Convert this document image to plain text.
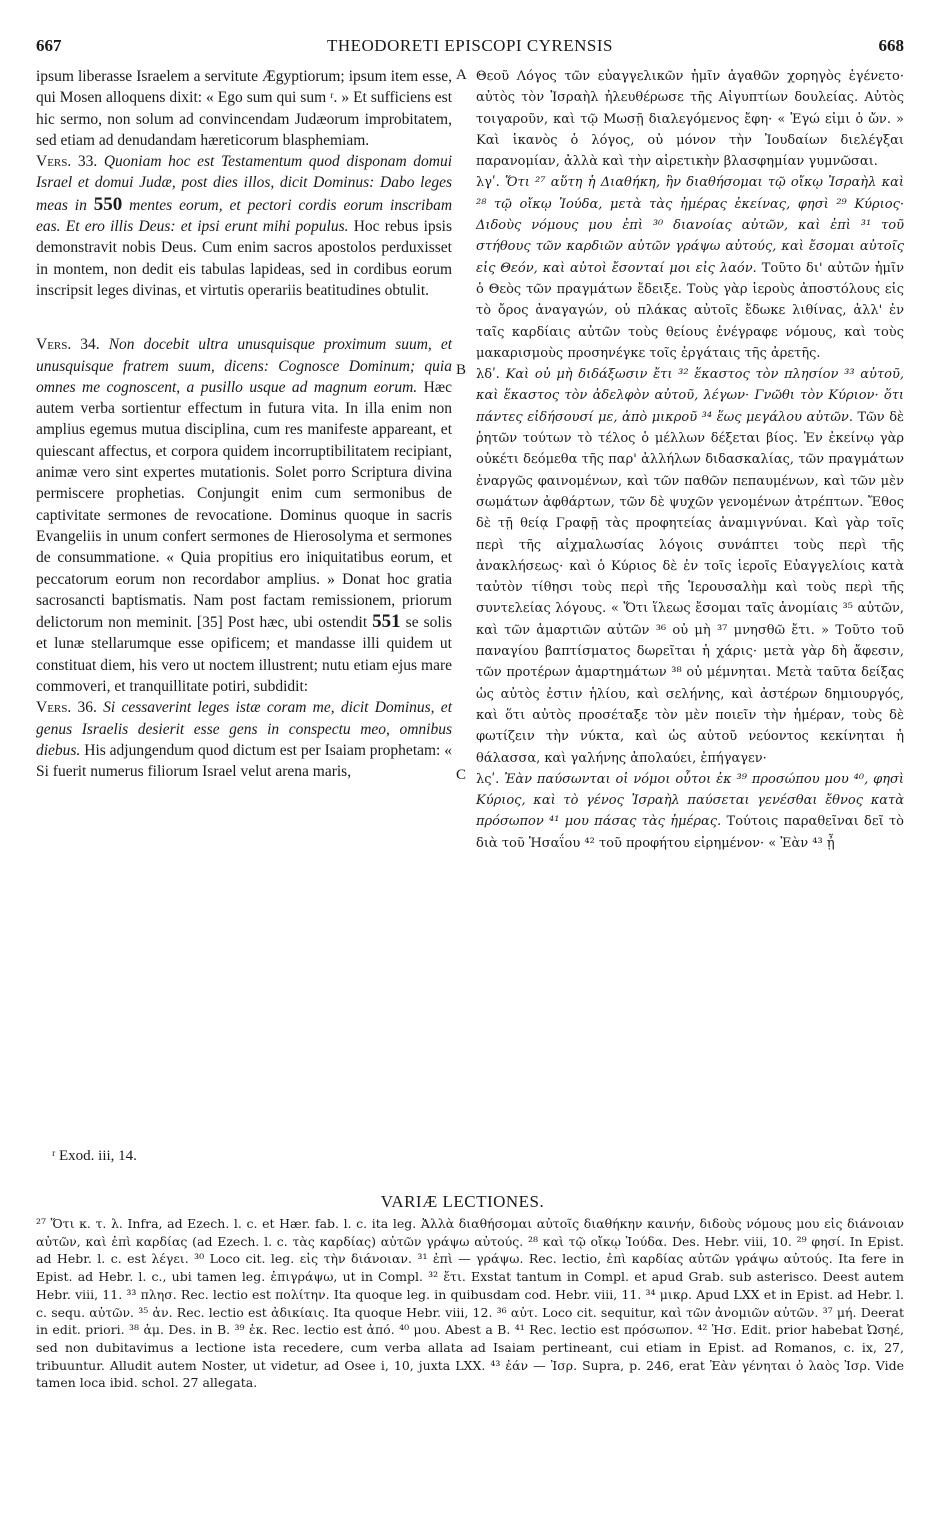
667	THEODORETI EPISCOPI CYRENSIS	668

ipsum liberasse Israelem a servitute Ægyptiorum; ipsum item esse, qui Mosen alloquens dixit: « Ego sum qui sum ʳ. » Et sufficiens est hic sermo, non solum ad convincendam Judæorum improbitatem, sed etiam ad denudandam hæreticorum blasphemiam.

Vers. 33. Quoniam hoc est Testamentum quod disponam domui Israel et domui Judæ, post dies illos, dicit Dominus: Dabo leges meas in 550 mentes eorum, et pectori cordis eorum inscribam eas. Et ero illis Deus: et ipsi erunt mihi populus. Hoc rebus ipsis demonstravit nobis Deus. Cum enim sacros apostolos perduxisset in montem, non dedit eis tabulas lapideas, sed in cordibus eorum inscripsit leges divinas, et virtutis operariis beatitudines obtulit.

Vers. 34. Non docebit ultra unusquisque proximum suum, et unusquisque fratrem suum, dicens: Cognosce Dominum; quia omnes me cognoscent, a pusillo usque ad magnum eorum. Hæc autem verba sortientur effectum in futura vita. In illa enim non amplius egemus mutua disciplina, cum res manifeste appareant, et quiescant affectus, et corpora quidem incorruptibilitatem recipiant, animæ vero sint expertes mutationis. Solet porro Scriptura divina permiscere prophetias. Conjungit enim cum sermonibus de captivitate sermones de revocatione. Dominus quoque in sacris Evangeliis in unum confert sermones de Hierosolyma et sermones de consummatione. « Quia propitius ero iniquitatibus eorum, et peccatorum eorum non recordabor amplius. » Donat hoc gratia sacrosancti baptismatis. Nam post factam remissionem, priorum delictorum non meminit. [35] Post hæc, ubi ostendit 551 se solis et lunæ stellarumque esse opificem; et mandasse illi quidem ut constituat diem, his vero ut noctem illustrent; nutu etiam ejus mare commoveri, et tranquillitate potiri, subdidit:

Vers. 36. Si cessaverint leges istæ coram me, dicit Dominus, et genus Israelis desierit esse gens in conspectu meo, omnibus diebus. His adjungendum quod dictum est per Isaiam prophetam: « Si fuerit numerus filiorum Israel velut arena maris,

A
B
C

Θεοῦ Λόγος τῶν εὐαγγελικῶν ἡμῖν ἀγαθῶν χορηγὸς ἐγένετο· αὐτὸς τὸν Ἰσραὴλ ἠλευθέρωσε τῆς Αἰγυπτίων δουλείας. Αὐτὸς τοιγαροῦν, καὶ τῷ Μωσῇ διαλεγόμενος ἔφη· « Ἐγώ εἰμι ὁ ὤν. » Καὶ ἱκανὸς ὁ λόγος, οὐ μόνον τὴν Ἰουδαίων διελέγξαι παρανομίαν, ἀλλὰ καὶ τὴν αἱρετικὴν βλασφημίαν γυμνῶσαι.

λγʹ. Ὅτι ²⁷ αὕτη ἡ Διαθήκη, ἣν διαθήσομαι τῷ οἴκῳ Ἰσραὴλ καὶ ²⁸ τῷ οἴκῳ Ἰούδα, μετὰ τὰς ἡμέρας ἐκείνας, φησὶ ²⁹ Κύριος· Διδοὺς νόμους μου ἐπὶ ³⁰ διανοίας αὐτῶν, καὶ ἐπὶ ³¹ τοῦ στήθους τῶν καρδιῶν αὐτῶν γράψω αὐτούς, καὶ ἔσομαι αὐτοῖς εἰς Θεόν, καὶ αὐτοὶ ἔσονταί μοι εἰς λαόν. Τοῦτο δι' αὐτῶν ἡμῖν ὁ Θεὸς τῶν πραγμάτων ἔδειξε. Τοὺς γὰρ ἱεροὺς ἀποστόλους εἰς τὸ ὄρος ἀναγαγών, οὐ πλάκας αὐτοῖς ἔδωκε λιθίνας, ἀλλ' ἐν ταῖς καρδίαις αὐτῶν τοὺς θείους ἐνέγραφε νόμους, καὶ τοὺς μακαρισμοὺς προσηνέγκε τοῖς ἐργάταις τῆς ἀρετῆς.

λδʹ. Καὶ οὐ μὴ διδάξωσιν ἔτι ³² ἕκαστος τὸν πλησίον ³³ αὐτοῦ, καὶ ἕκαστος τὸν ἀδελφὸν αὐτοῦ, λέγων· Γνῶθι τὸν Κύριον· ὅτι πάντες εἰδήσουσί με, ἀπὸ μικροῦ ³⁴ ἕως μεγάλου αὐτῶν. Τῶν δὲ ῥητῶν τούτων τὸ τέλος ὁ μέλλων δέξεται βίος. Ἐν ἐκείνῳ γὰρ οὐκέτι δεόμεθα τῆς παρ' ἀλλήλων διδασκαλίας, τῶν πραγμάτων ἐναργῶς φαινομένων, καὶ τῶν παθῶν πεπαυμένων, καὶ τῶν μὲν σωμάτων ἀφθάρτων, τῶν δὲ ψυχῶν γενομένων ἀτρέπτων. Ἔθος δὲ τῇ θείᾳ Γραφῇ τὰς προφητείας ἀναμιγνύναι. Καὶ γὰρ τοῖς περὶ τῆς αἰχμαλωσίας λόγοις συνάπτει τοὺς περὶ τῆς ἀνακλήσεως· καὶ ὁ Κύριος δὲ ἐν τοῖς ἱεροῖς Εὐαγγελίοις κατὰ ταὐτὸν τίθησι τοὺς περὶ τῆς Ἱερουσαλὴμ καὶ τοὺς περὶ τῆς συντελείας λόγους. « Ὅτι ἵλεως ἔσομαι ταῖς ἀνομίαις ³⁵ αὐτῶν, καὶ τῶν ἁμαρτιῶν αὐτῶν ³⁶ οὐ μὴ ³⁷ μνησθῶ ἔτι. » Τοῦτο τοῦ παναγίου βαπτίσματος δωρεῖται ἡ χάρις· μετὰ γὰρ δὴ ἄφεσιν, τῶν προτέρων ἁμαρτημάτων ³⁸ οὐ μέμνηται. Μετὰ ταῦτα δείξας ὡς αὐτὸς ἐστιν ἡλίου, καὶ σελήνης, καὶ ἀστέρων δημιουργός, καὶ ὅτι αὐτὸς προσέταξε τὸν μὲν ποιεῖν τὴν ἡμέραν, τοὺς δὲ φωτίζειν τὴν νύκτα, καὶ ὡς αὐτοῦ νεύοντος κεκίνηται ἡ θάλασσα, καὶ γαλήνης ἀπολαύει, ἐπήγαγεν·

λςʹ. Ἐὰν παύσωνται οἱ νόμοι οὗτοι ἐκ ³⁹ προσώπου μου ⁴⁰, φησὶ Κύριος, καὶ τὸ γένος Ἰσραὴλ παύσεται γενέσθαι ἔθνος κατὰ πρόσωπον ⁴¹ μου πάσας τὰς ἡμέρας. Τούτοις παραθεῖναι δεῖ τὸ διὰ τοῦ Ἡσαΐου ⁴² τοῦ προφήτου εἰρημένον· « Ἐὰν ⁴³ ᾖ

ʳ Exod. iii, 14.
VARIÆ LECTIONES.
²⁷ Ὅτι κ. τ. λ. Infra, ad Ezech. l. c. et Hær. fab. l. c. ita leg. Ἀλλὰ διαθήσομαι αὐτοῖς διαθήκην καινήν, διδοὺς νόμους μου εἰς διάνοιαν αὐτῶν, καὶ ἐπὶ καρδίας (ad Ezech. l. c. τὰς καρδίας) αὐτῶν γράψω αὐτούς. ²⁸ καὶ τῷ οἴκῳ Ἰούδα. Des. Hebr. viii, 10. ²⁹ φησί. In Epist. ad Hebr. l. c. est λέγει. ³⁰ Loco cit. leg. εἰς τὴν διάνοιαν. ³¹ ἐπὶ — γράψω. Rec. lectio, ἐπὶ καρδίας αὐτῶν γράψω αὐτούς. Ita fere in Epist. ad Hebr. l. c., ubi tamen leg. ἐπιγράψω, ut in Compl. ³² ἔτι. Exstat tantum in Compl. et apud Grab. sub asterisco. Deest autem Hebr. viii, 11. ³³ πλησ. Rec. lectio est πολίτην. Ita quoque leg. in quibusdam cod. Hebr. viii, 11. ³⁴ μικρ. Apud LXX et in Epist. ad Hebr. l. c. sequ. αὐτῶν. ³⁵ ἀν. Rec. lectio est ἀδικίαις. Ita quoque Hebr. viii, 12. ³⁶ αὐτ. Loco cit. sequitur, καὶ τῶν ἀνομιῶν αὐτῶν. ³⁷ μή. Deerat in edit. priori. ³⁸ ἁμ. Des. in B. ³⁹ ἐκ. Rec. lectio est ἀπό. ⁴⁰ μου. Abest a B. ⁴¹ Rec. lectio est πρόσωπον. ⁴² Ἡσ. Edit. prior habebat Ὠσηέ, sed non dubitavimus a lectione ista recedere, cum verba allata ad Isaiam pertineant, cui etiam in Epist. ad Romanos, c. ix, 27, tribuuntur. Alludit autem Noster, ut videtur, ad Osee i, 10, juxta LXX. ⁴³ ἐάν — Ἰσρ. Supra, p. 246, erat Ἐὰν γένηται ὁ λαὸς Ἰσρ. Vide tamen loca ibid. schol. 27 allegata.
